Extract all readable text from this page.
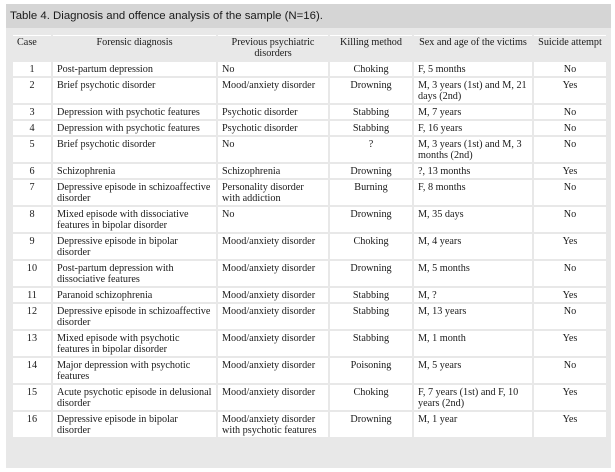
Table 4. Diagnosis and offence analysis of the sample (N=16).
Case	Forensic diagnosis	Previous psychiatric disorders	Killing method	Sex and age of the victims	Suicide attempt
1	Post-partum depression	No	Choking	F, 5 months	No
2	Brief psychotic disorder	Mood/anxiety disorder	Drowning	M, 3 years (1st) and M, 21 days (2nd)	Yes
3	Depression with psychotic features	Psychotic disorder	Stabbing	M, 7 years	No
4	Depression with psychotic features	Psychotic disorder	Stabbing	F, 16 years	No
5	Brief psychotic disorder	No	?	M, 3 years (1st) and M, 3 months (2nd)	No
6	Schizophrenia	Schizophrenia	Drowning	?, 13 months	Yes
7	Depressive episode in schizoaffective disorder	Personality disorder with addiction	Burning	F, 8 months	No
8	Mixed episode with dissociative features in bipolar disorder	No	Drowning	M, 35 days	No
9	Depressive episode in bipolar disorder	Mood/anxiety disorder	Choking	M, 4 years	Yes
10	Post-partum depression with dissociative features	Mood/anxiety disorder	Drowning	M, 5 months	No
11	Paranoid schizophrenia	Mood/anxiety disorder	Stabbing	M, ?	Yes
12	Depressive episode in schizoaffective disorder	Mood/anxiety disorder	Stabbing	M, 13 years	No
13	Mixed episode with psychotic features in bipolar disorder	Mood/anxiety disorder	Stabbing	M, 1 month	Yes
14	Major depression with psychotic features	Mood/anxiety disorder	Poisoning	M, 5 years	No
15	Acute psychotic episode in delusional disorder	Mood/anxiety disorder	Choking	F, 7 years (1st) and F, 10 years (2nd)	Yes
16	Depressive episode in bipolar disorder	Mood/anxiety disorder with psychotic features	Drowning	M, 1 year	Yes
